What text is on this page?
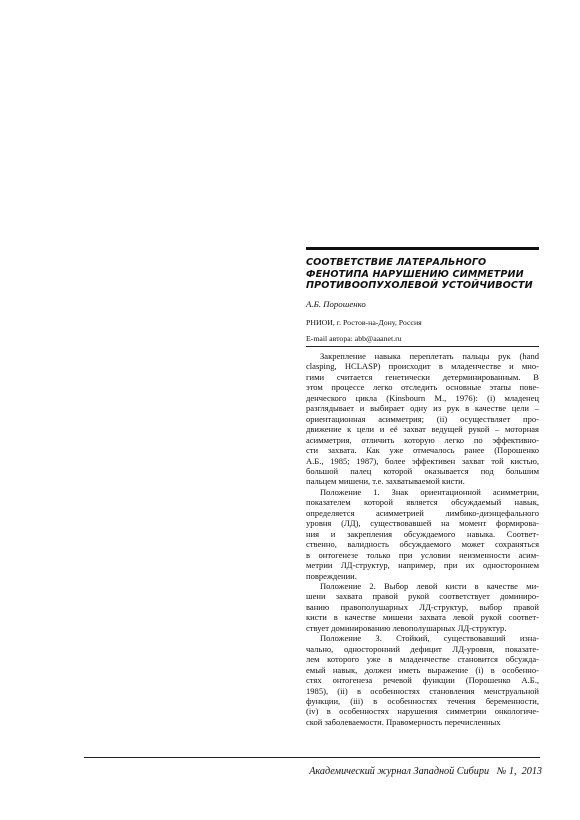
СООТВЕТСТВИЕ ЛАТЕРАЛЬНОГО
ФЕНОТИПА НАРУШЕНИЮ СИММЕТРИИ
ПРОТИВООПУХОЛЕВОЙ УСТОЙЧИВОСТИ
А.Б. Порошенко
РНИОИ, г. Ростов-на-Дону, Россия
E-mail автора: abb@aaanet.ru
Закрепление навыка переплетать пальцы рук (hand
clasping, HCLASP) происходит в младенчестве и мно-
гими считается генетически детерминированным. В
этом процессе легко отследить основные этапы пове-
денческого цикла (Kinsbourn M., 1976): (i) младенец
разглядывает и выбирает одну из рук в качестве цели –
ориентационная асимметрия; (ii) осуществляет про-
движение к цели и её захват ведущей рукой – моторная
асимметрия, отличить которую легко по эффективно-
сти захвата. Как уже отмечалось ранее (Порошенко
А.Б., 1985; 1987), более эффективен захват той кистью,
большой палец которой оказывается под большим
пальцем мишени, т.е. захватываемой кисти.
Положение 1. Знак ориентационной асимметрии,
показателем которой является обсуждаемый навык,
определяется асимметрией лимбико-диэнцефального
уровня (ЛД), существовавшей на момент формирова-
ния и закрепления обсуждаемого навыка. Соответ-
ственно, валидность обсуждаемого может сохраняться
в онтогенезе только при условии неизменности асим-
метрии ЛД-структур, например, при их одностороннем
повреждении.
Положение 2. Выбор левой кисти в качестве ми-
шени захвата правой рукой соответствует доминиро-
ванию правополушарных ЛД-структур, выбор правой
кисти в качестве мишени захвата левой рукой соответ-
ствует доминированию левополушарных ЛД-структур.
Положение 3. Стойкий, существовавший изна-
чально, односторонний дефицит ЛД-уровня, показате-
лем которого уже в младенчестве становится обсужда-
емый навык, должен иметь выражение (i) в особенно-
стях онтогенеза речевой функции (Порошенко А.Б.,
1985), (ii) в особенностях становления менструальной
функции, (iii) в особенностях течения беременности,
(iv) в особенностях нарушения симметрии онкологиче-
ской заболеваемости. Правомерность перечисленных
Академический журнал Западной Сибири № 1, 2013
